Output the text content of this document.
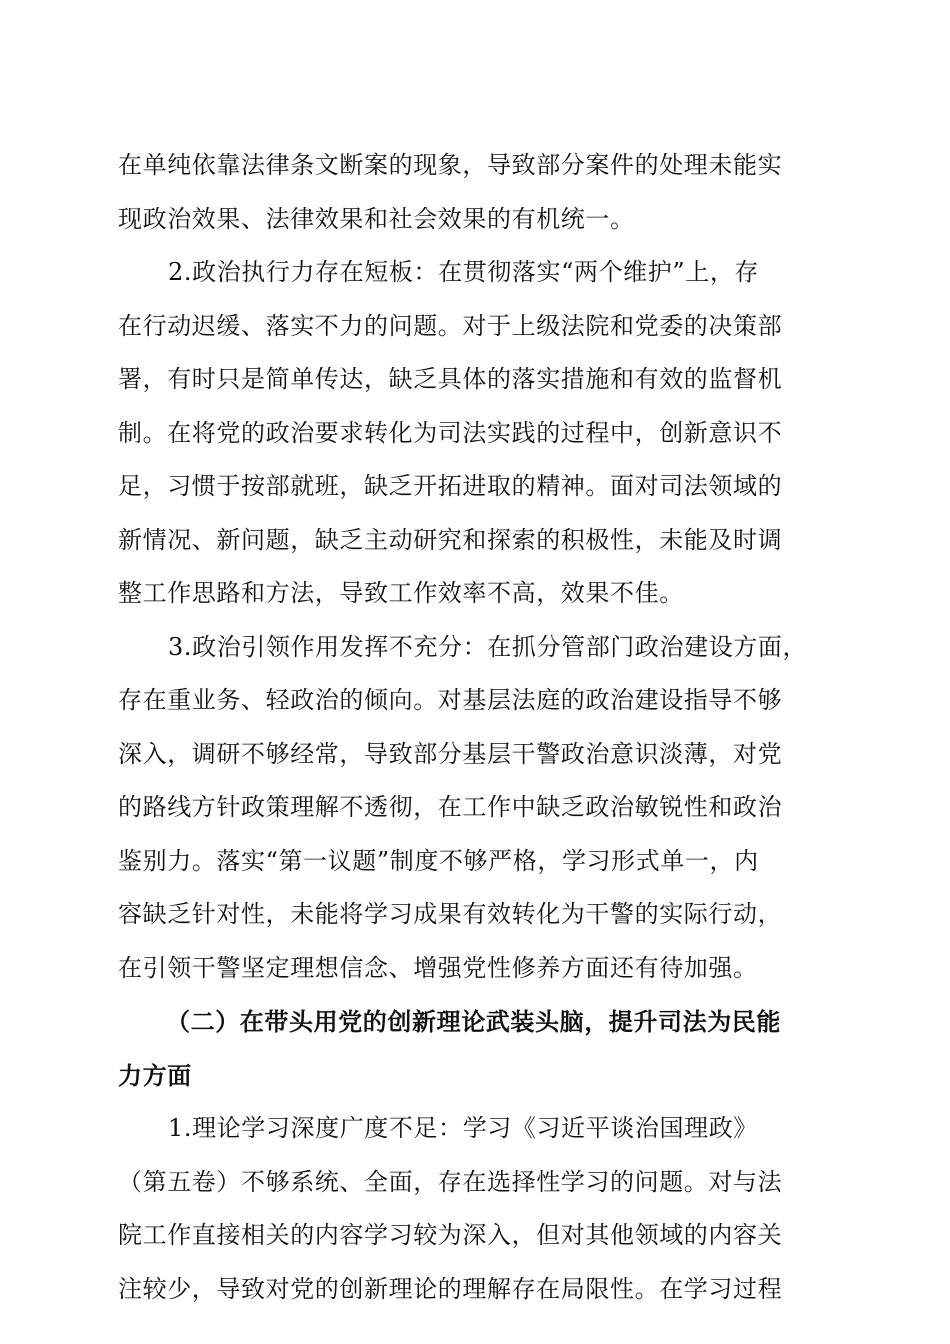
在单纯依靠法律条文断案的现象，导致部分案件的处理未能实
现政治效果、法律效果和社会效果的有机统一。
2.政治执行力存在短板：在贯彻落实“两个维护”上，存
在行动迟缓、落实不力的问题。对于上级法院和党委的决策部
署，有时只是简单传达，缺乏具体的落实措施和有效的监督机
制。在将党的政治要求转化为司法实践的过程中，创新意识不
足，习惯于按部就班，缺乏开拓进取的精神。面对司法领域的
新情况、新问题，缺乏主动研究和探索的积极性，未能及时调
整工作思路和方法，导致工作效率不高，效果不佳。
3.政治引领作用发挥不充分：在抓分管部门政治建设方面，
存在重业务、轻政治的倾向。对基层法庭的政治建设指导不够
深入，调研不够经常，导致部分基层干警政治意识淡薄，对党
的路线方针政策理解不透彻，在工作中缺乏政治敏锐性和政治
鉴别力。落实“第一议题”制度不够严格，学习形式单一，内
容缺乏针对性，未能将学习成果有效转化为干警的实际行动，
在引领干警坚定理想信念、增强党性修养方面还有待加强。
（二）在带头用党的创新理论武装头脑，提升司法为民能
力方面
1.理论学习深度广度不足：学习《习近平谈治国理政》
（第五卷）不够系统、全面，存在选择性学习的问题。对与法
院工作直接相关的内容学习较为深入，但对其他领域的内容关
注较少，导致对党的创新理论的理解存在局限性。在学习过程
